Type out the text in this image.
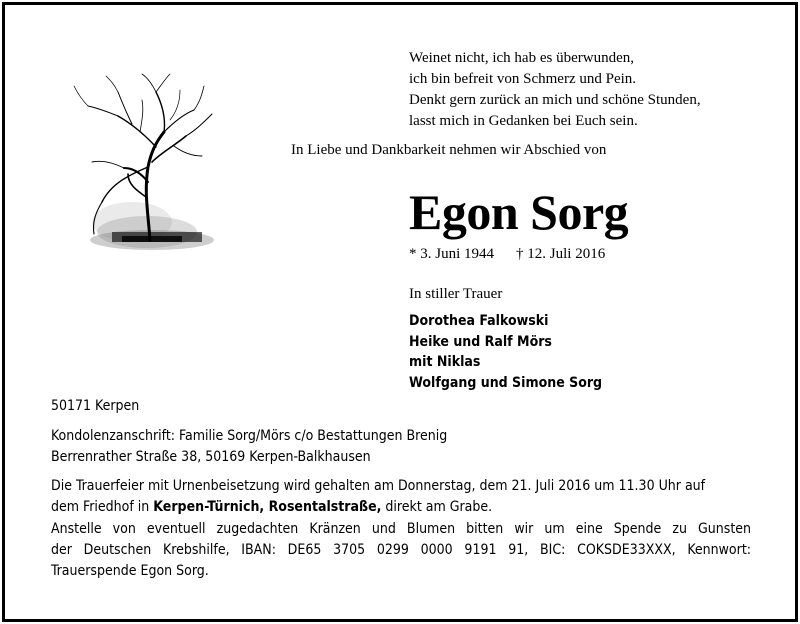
Weinet nicht, ich hab es überwunden,
ich bin befreit von Schmerz und Pein.
Denkt gern zurück an mich und schöne Stunden,
lasst mich in Gedanken bei Euch sein.
In Liebe und Dankbarkeit nehmen wir Abschied von
Egon Sorg
* 3. Juni 1944 † 12. Juli 2016
In stiller Trauer
Dorothea Falkowski
Heike und Ralf Mörs
mit Niklas
Wolfgang und Simone Sorg
50171 Kerpen
Kondolenzanschrift: Familie Sorg/Mörs c/o Bestattungen Brenig
Berrenrather Straße 38, 50169 Kerpen-Balkhausen
Die Trauerfeier mit Urnenbeisetzung wird gehalten am Donnerstag, dem 21. Juli 2016 um 11.30 Uhr auf
dem Friedhof in Kerpen-Türnich, Rosentalstraße, direkt am Grabe.
Anstelle von eventuell zugedachten Kränzen und Blumen bitten wir um eine Spende zu Gunsten
der Deutschen Krebshilfe, IBAN: DE65 3705 0299 0000 9191 91, BIC: COKSDE33XXX, Kennwort:
Trauerspende Egon Sorg.
